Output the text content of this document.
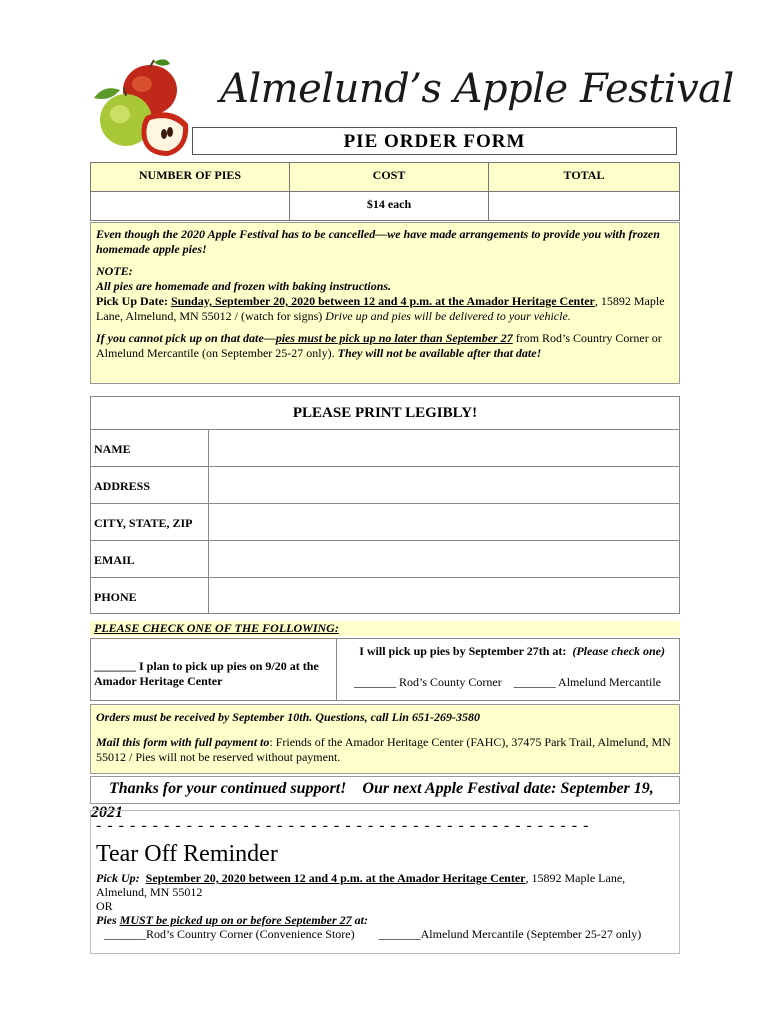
Almelund’s Apple Festival
PIE ORDER FORM
NUMBER OF PIES	COST	TOTAL
	$14 each	

Even though the 2020 Apple Festival has to be cancelled—we have made arrangements to provide you with frozen homemade apple pies!

NOTE:
All pies are homemade and frozen with baking instructions.
Pick Up Date: Sunday, September 20, 2020 between 12 and 4 p.m. at the Amador Heritage Center, 15892 Maple Lane, Almelund, MN 55012 / (watch for signs) Drive up and pies will be delivered to your vehicle.

If you cannot pick up on that date—pies must be pick up no later than September 27 from Rod’s Country Corner or Almelund Mercantile (on September 25-27 only). They will not be available after that date!

PLEASE PRINT LEGIBLY!	
NAME	
ADDRESS	
CITY, STATE, ZIP	
EMAIL	
PHONE	
PLEASE CHECK ONE OF THE FOLLOWING:
_______ I plan to pick up pies on 9/20 at the Amador Heritage Center	
I will pick up pies by September 27th at: (Please check one)
_______ Rod’s County Corner _______ Almelund Mercantile

Orders must be received by September 10th. Questions, call Lin 651-269-3580

Mail this form with full payment to: Friends of the Amador Heritage Center (FAHC), 37475 Park Trail, Almelund, MN 55012 / Pies will not be reserved without payment.

Thanks for your continued support! Our next Apple Festival date: September 19, 2021
- - - - - - - - - - - - - - - - - - - - - - - - - - - - - - - - - - - - - - - - - - - -
Tear Off Reminder
Pick Up: September 20, 2020 between 12 and 4 p.m. at the Amador Heritage Center, 15892 Maple Lane, Almelund, MN 55012
OR
Pies MUST be picked up on or before September 27 at:
_______Rod’s Country Corner (Convenience Store) _______Almelund Mercantile (September 25-27 only)
